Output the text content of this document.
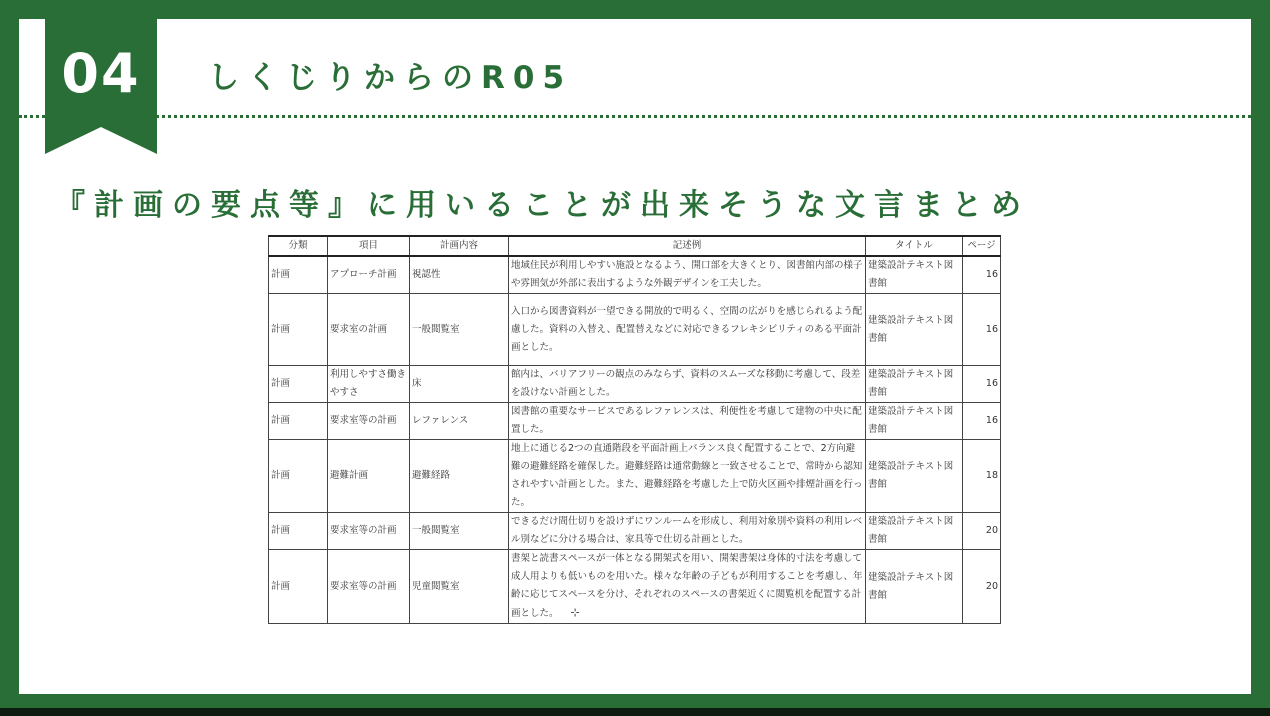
04	しくじりからのR05
『計画の要点等』に用いることが出来そうな文言まとめ
分類	項目	計画内容	記述例	タイトル	ページ
計画	アプローチ計画	視認性	地域住民が利用しやすい施設となるよう、開口部を大きくとり、図書館内部の様子や雰囲気が外部に表出するような外観デザインを工夫した。	建築設計テキスト図書館	16
計画	要求室の計画	一般閲覧室	入口から図書資料が一望できる開放的で明るく、空間の広がりを感じられるよう配慮した。資料の入替え、配置替えなどに対応できるフレキシビリティのある平面計画とした。	建築設計テキスト図書館	16
計画	利用しやすさ働きやすさ	床	館内は、バリアフリーの観点のみならず、資料のスムーズな移動に考慮して、段差を設けない計画とした。	建築設計テキスト図書館	16
計画	要求室等の計画	レファレンス	図書館の重要なサービスであるレファレンスは、利便性を考慮して建物の中央に配置した。	建築設計テキスト図書館	16
計画	避難計画	避難経路	地上に通じる2つの直通階段を平面計画上バランス良く配置することで、2方向避難の避難経路を確保した。避難経路は通常動線と一致させることで、常時から認知されやすい計画とした。また、避難経路を考慮した上で防火区画や排煙計画を行った。	建築設計テキスト図書館	18
計画	要求室等の計画	一般閲覧室	できるだけ間仕切りを設けずにワンルームを形成し、利用対象別や資料の利用レベル別などに分ける場合は、家具等で仕切る計画とした。	建築設計テキスト図書館	20
計画	要求室等の計画	児童閲覧室	書架と読書スペースが一体となる開架式を用い、開架書架は身体的寸法を考慮して成人用よりも低いものを用いた。様々な年齢の子どもが利用することを考慮し、年齢に応じてスペースを分け、それぞれのスペースの書架近くに閲覧机を配置する計画とした。 ⊹	建築設計テキスト図書館	20
